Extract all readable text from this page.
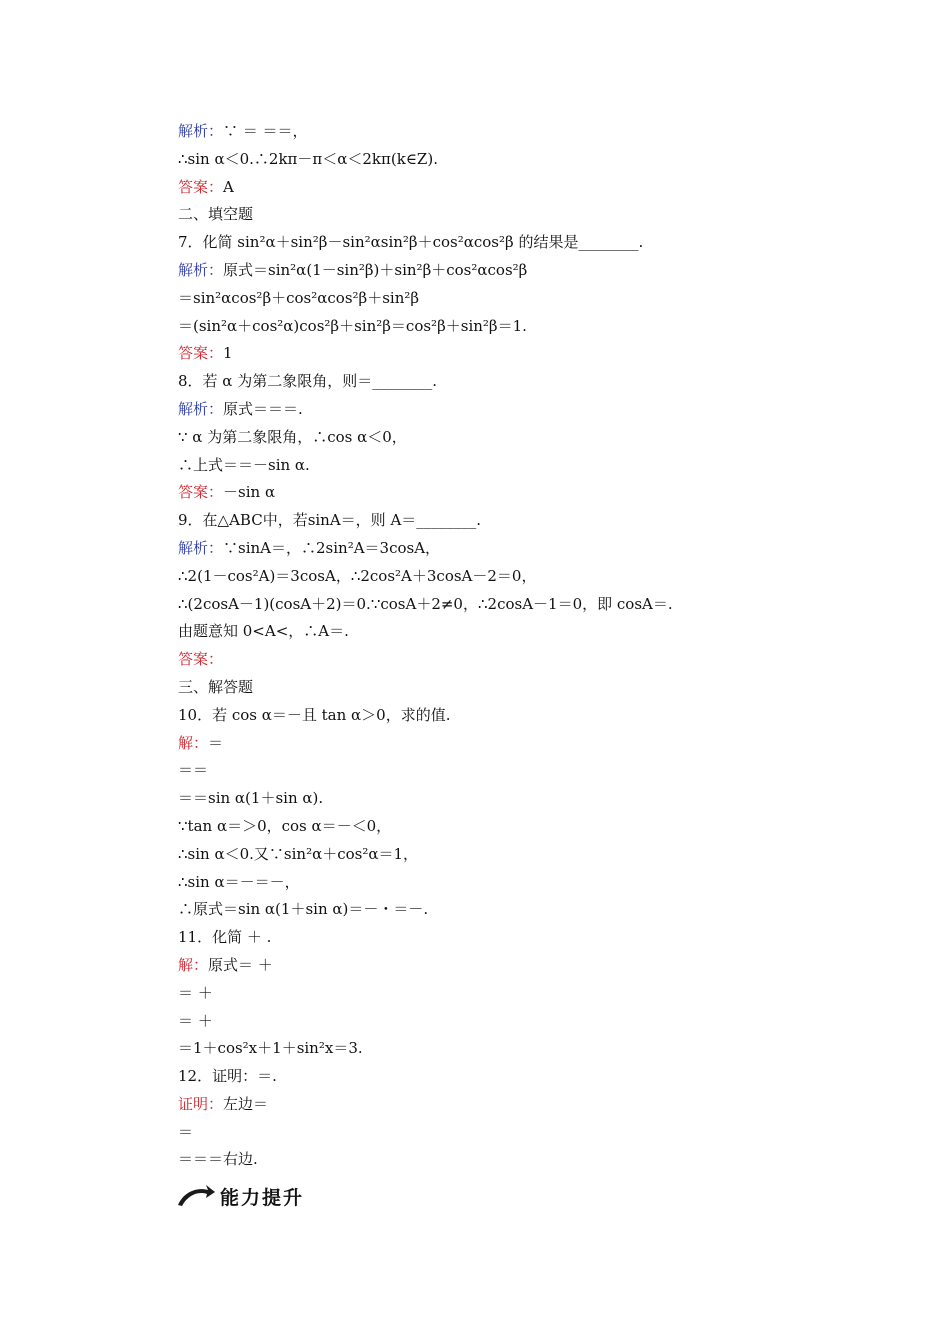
解析：∵ ＝ ＝＝，
∴sin α＜0.∴2kπ－π＜α＜2kπ(k∈Z).
答案：A
二、填空题
7．化简 sin²α＋sin²β－sin²αsin²β＋cos²αcos²β 的结果是________.
解析：原式＝sin²α(1－sin²β)＋sin²β＋cos²αcos²β
＝sin²αcos²β＋cos²αcos²β＋sin²β
＝(sin²α＋cos²α)cos²β＋sin²β＝cos²β＋sin²β＝1.
答案：1
8．若 α 为第二象限角，则＝________.
解析：原式＝＝＝.
∵ α 为第二象限角，∴cos α＜0，
∴上式＝＝－sin α.
答案：－sin α
9．在△ABC中，若sinA＝，则 A＝________.
解析：∵sinA＝，∴2sin²A＝3cosA，
∴2(1－cos²A)＝3cosA，∴2cos²A＋3cosA－2＝0，
∴(2cosA－1)(cosA＋2)＝0.∵cosA＋2≠0，∴2cosA－1＝0，即 cosA＝.
由题意知 0<A<，∴A＝.
答案：
三、解答题
10．若 cos α＝－且 tan α＞0，求的值.
解：＝
＝＝
＝＝sin α(1＋sin α).
∵tan α＝＞0，cos α＝－＜0，
∴sin α＜0.又∵sin²α＋cos²α＝1，
∴sin α＝－＝－，
∴原式＝sin α(1＋sin α)＝－・＝－.
11．化简 ＋ .
解：原式＝ ＋
＝ ＋
＝ ＋
＝1＋cos²x＋1＋sin²x＝3.
12．证明：＝.
证明：左边＝
＝
＝＝＝右边.
能力提升
